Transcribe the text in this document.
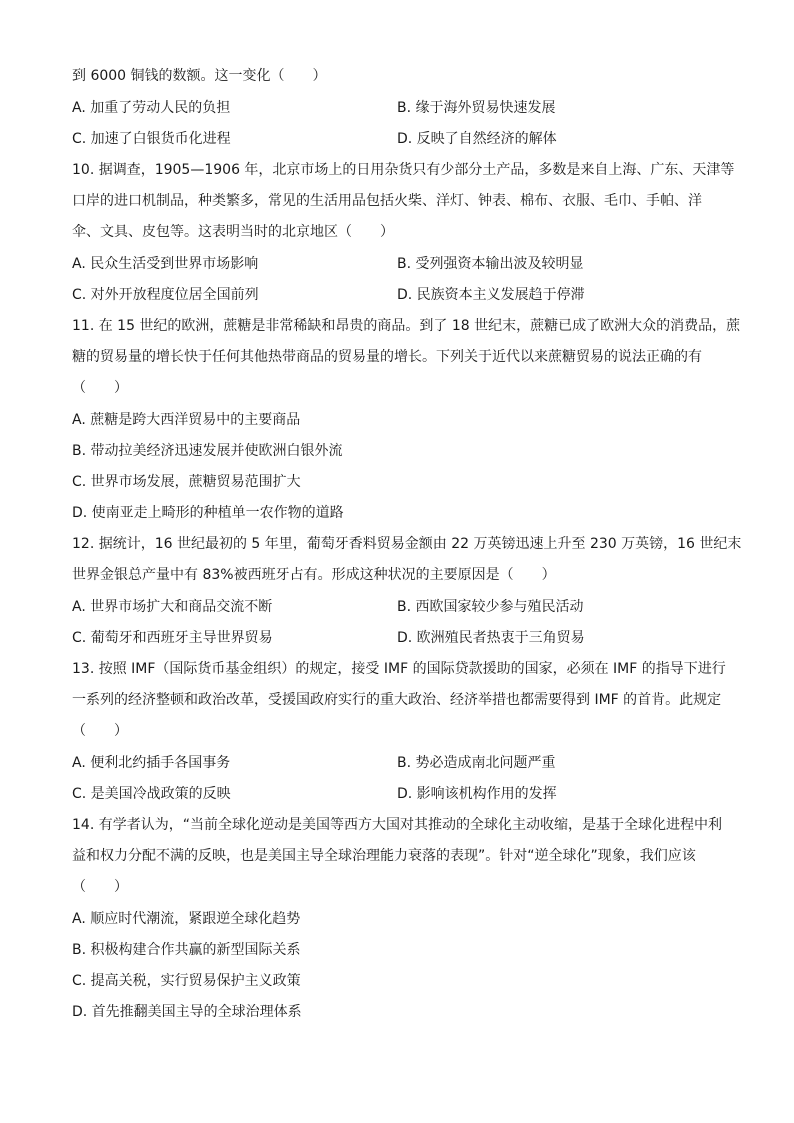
到 6000 铜钱的数额。这一变化（　　）
A. 加重了劳动人民的负担	B. 缘于海外贸易快速发展
C. 加速了白银货币化进程	D. 反映了自然经济的解体
10. 据调查，1905—1906 年，北京市场上的日用杂货只有少部分土产品，多数是来自上海、广东、天津等
口岸的进口机制品，种类繁多，常见的生活用品包括火柴、洋灯、钟表、棉布、衣服、毛巾、手帕、洋
伞、文具、皮包等。这表明当时的北京地区（　　）
A. 民众生活受到世界市场影响	B. 受列强资本输出波及较明显
C. 对外开放程度位居全国前列	D. 民族资本主义发展趋于停滞
11. 在 15 世纪的欧洲，蔗糖是非常稀缺和昂贵的商品。到了 18 世纪末，蔗糖已成了欧洲大众的消费品，蔗
糖的贸易量的增长快于任何其他热带商品的贸易量的增长。下列关于近代以来蔗糖贸易的说法正确的有
（　　）
A. 蔗糖是跨大西洋贸易中的主要商品
B. 带动拉美经济迅速发展并使欧洲白银外流
C. 世界市场发展，蔗糖贸易范围扩大
D. 使南亚走上畸形的种植单一农作物的道路
12. 据统计，16 世纪最初的 5 年里，葡萄牙香料贸易金额由 22 万英镑迅速上升至 230 万英镑，16 世纪末
世界金银总产量中有 83%被西班牙占有。形成这种状况的主要原因是（　　）
A. 世界市场扩大和商品交流不断	B. 西欧国家较少参与殖民活动
C. 葡萄牙和西班牙主导世界贸易	D. 欧洲殖民者热衷于三角贸易
13. 按照 IMF（国际货币基金组织）的规定，接受 IMF 的国际贷款援助的国家，必须在 IMF 的指导下进行
一系列的经济整顿和政治改革，受援国政府实行的重大政治、经济举措也都需要得到 IMF 的首肯。此规定
（　　）
A. 便利北约插手各国事务	B. 势必造成南北问题严重
C. 是美国冷战政策的反映	D. 影响该机构作用的发挥
14. 有学者认为，“当前全球化逆动是美国等西方大国对其推动的全球化主动收缩，是基于全球化进程中利
益和权力分配不满的反映，也是美国主导全球治理能力衰落的表现”。针对“逆全球化”现象，我们应该
（　　）
A. 顺应时代潮流，紧跟逆全球化趋势
B. 积极构建合作共赢的新型国际关系
C. 提高关税，实行贸易保护主义政策
D. 首先推翻美国主导的全球治理体系
